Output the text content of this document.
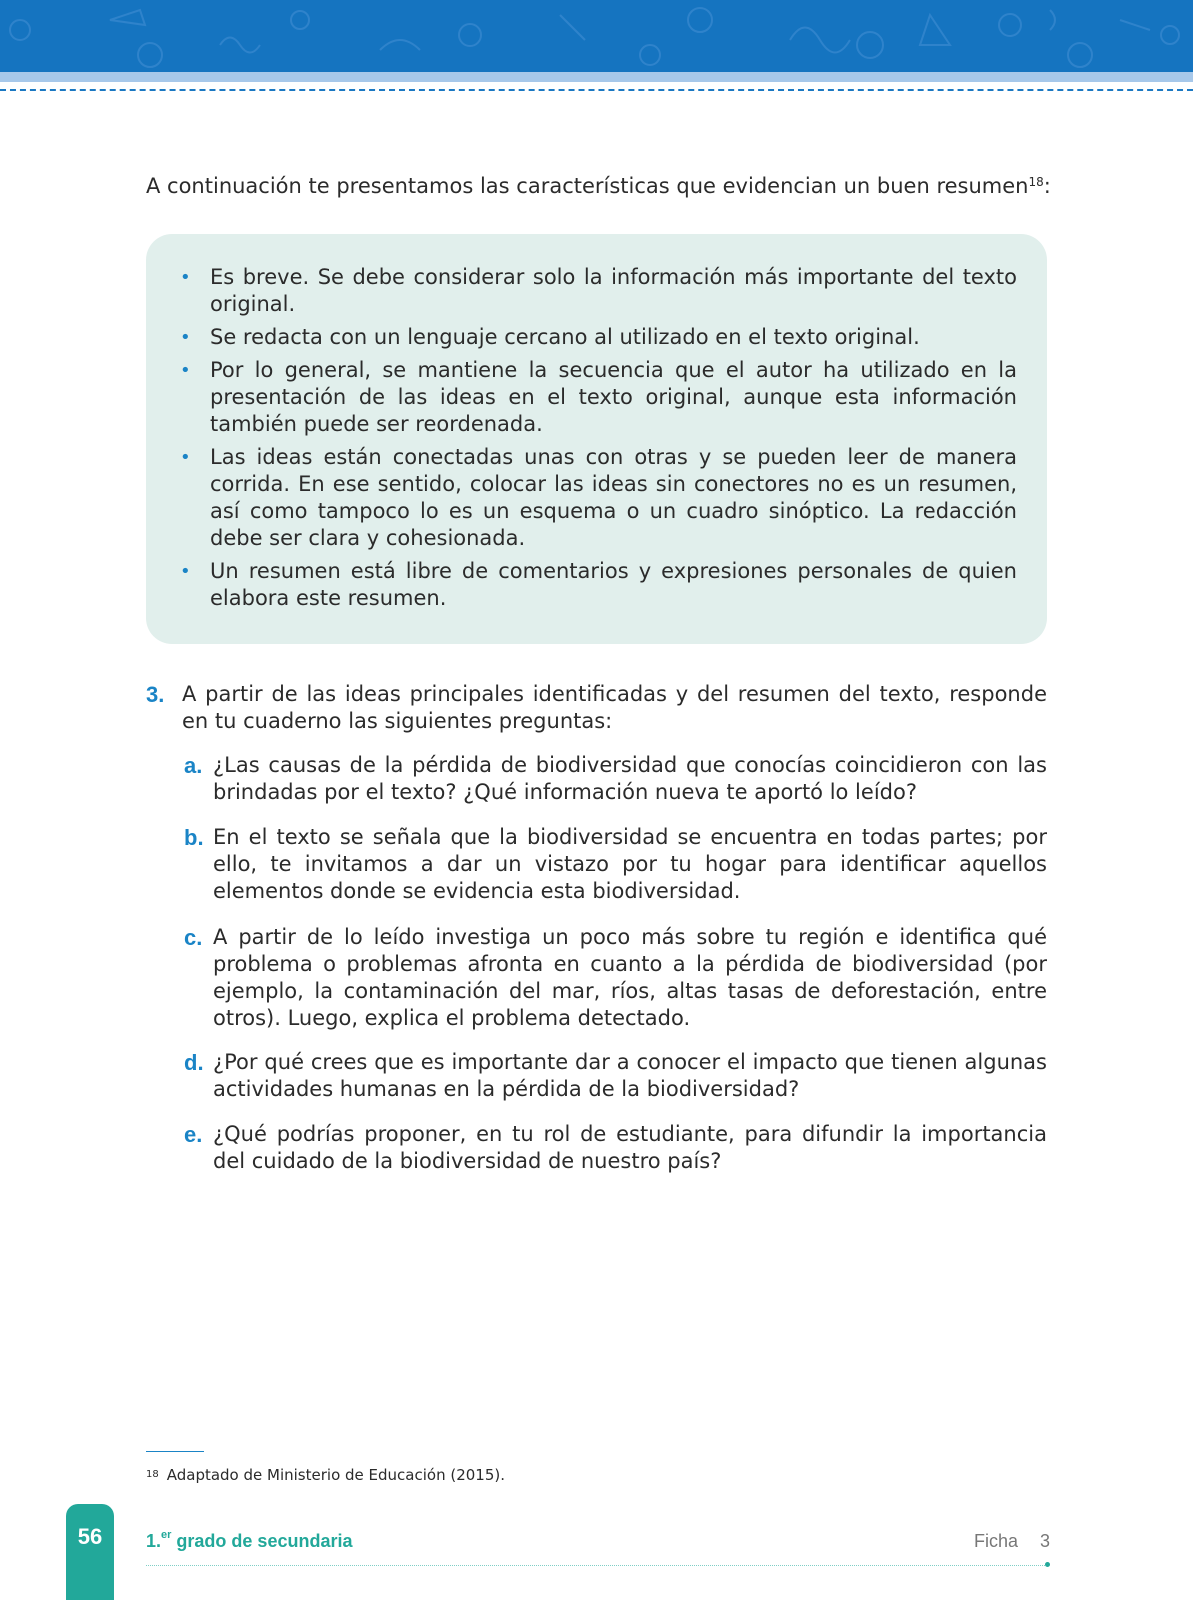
A continuación te presentamos las características que evidencian un buen resumen$^{18}$:

• Es breve. Se debe considerar solo la información más importante del texto original.
• Se redacta con un lenguaje cercano al utilizado en el texto original.
• Por lo general, se mantiene la secuencia que el autor ha utilizado en la presentación de las ideas en el texto original, aunque esta información también puede ser reordenada.
• Las ideas están conectadas unas con otras y se pueden leer de manera corrida. En ese sentido, colocar las ideas sin conectores no es un resumen, así como tampoco lo es un esquema o un cuadro sinóptico. La redacción debe ser clara y cohesionada.
• Un resumen está libre de comentarios y expresiones personales de quien elabora este resumen.
3. A partir de las ideas principales identificadas y del resumen del texto, responde en tu cuaderno las siguientes preguntas:
a. ¿Las causas de la pérdida de biodiversidad que conocías coincidieron con las brindadas por el texto? ¿Qué información nueva te aportó lo leído?
b. En el texto se señala que la biodiversidad se encuentra en todas partes; por ello, te invitamos a dar un vistazo por tu hogar para identificar aquellos elementos donde se evidencia esta biodiversidad.
c. A partir de lo leído investiga un poco más sobre tu región e identifica qué problema o problemas afronta en cuanto a la pérdida de biodiversidad (por ejemplo, la contaminación del mar, ríos, altas tasas de deforestación, entre otros). Luego, explica el problema detectado.
d. ¿Por qué crees que es importante dar a conocer el impacto que tienen algunas actividades humanas en la pérdida de la biodiversidad?
e. ¿Qué podrías proponer, en tu rol de estudiante, para difundir la importancia del cuidado de la biodiversidad de nuestro país?
$^{18}$ Adaptado de Ministerio de Educación (2015).
56	1.$^{er}$ grado de secundaria	Ficha 3
